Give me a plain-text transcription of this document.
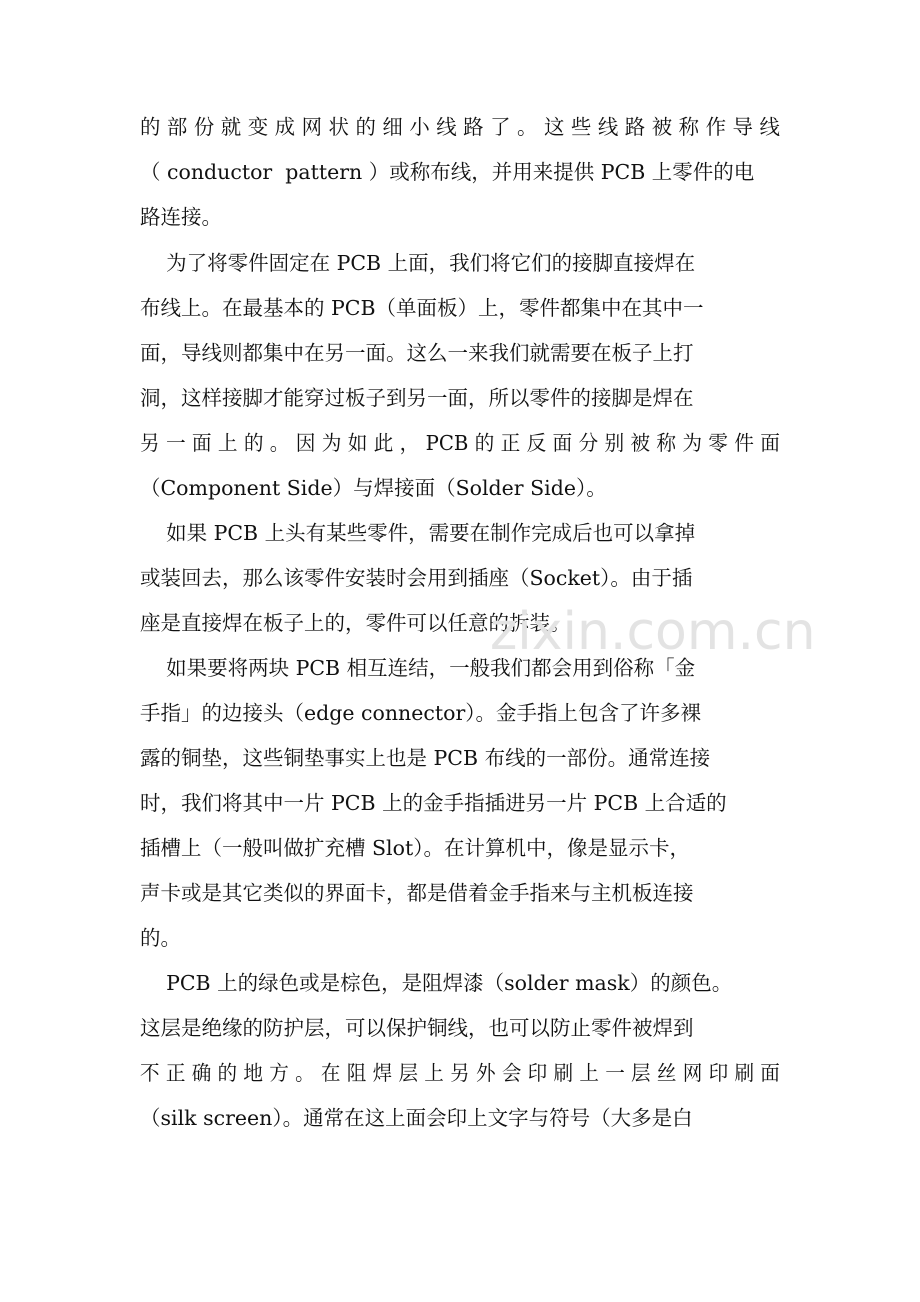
的 部 份 就 变 成 网 状 的 细 小 线 路 了 。 这 些 线 路 被 称 作 导 线
（ conductor  pattern ）或称布线，并用来提供 PCB 上零件的电
路连接。
为了将零件固定在 PCB 上面，我们将它们的接脚直接焊在
布线上。在最基本的 PCB（单面板）上，零件都集中在其中一
面，导线则都集中在另一面。这么一来我们就需要在板子上打
洞，这样接脚才能穿过板子到另一面，所以零件的接脚是焊在
另 一 面 上 的 。 因 为 如 此 ， PCB 的 正 反 面 分 别 被 称 为 零 件 面
（Component Side）与焊接面（Solder Side）。
如果 PCB 上头有某些零件，需要在制作完成后也可以拿掉
或装回去，那么该零件安装时会用到插座（Socket）。由于插
座是直接焊在板子上的，零件可以任意的拆装。
如果要将两块 PCB 相互连结，一般我们都会用到俗称「金
手指」的边接头（edge connector）。金手指上包含了许多裸
露的铜垫，这些铜垫事实上也是 PCB 布线的一部份。通常连接
时，我们将其中一片 PCB 上的金手指插进另一片 PCB 上合适的
插槽上（一般叫做扩充槽 Slot）。在计算机中，像是显示卡，
声卡或是其它类似的界面卡，都是借着金手指来与主机板连接
的。
PCB 上的绿色或是棕色，是阻焊漆（solder mask）的颜色。
这层是绝缘的防护层，可以保护铜线，也可以防止零件被焊到
不 正 确 的 地 方 。 在 阻 焊 层 上 另 外 会 印 刷 上 一 层 丝 网 印 刷 面
（silk screen）。通常在这上面会印上文字与符号（大多是白
zixin.com.cn
